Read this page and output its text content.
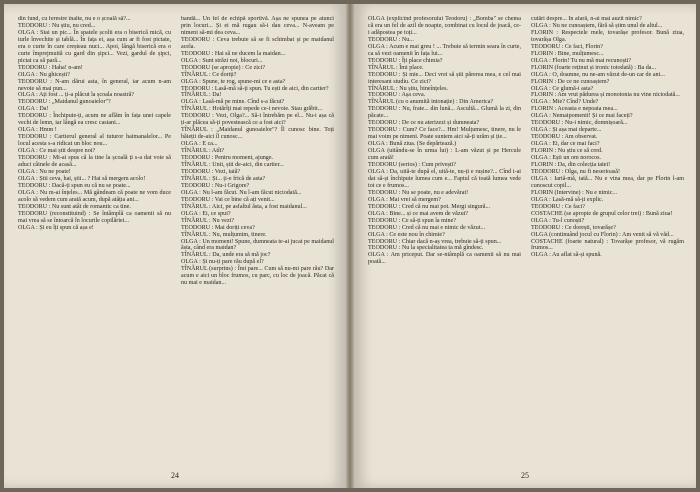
din fund, cu ferestre înalte, nu e o școală să?...

TEODORU : Nu știu, nu cred...

OLGA : Stai un pic... În spatele școlii era o biserică mică, cu turle învechite și tablă... În fața ei, așa cum ar fi fost pictate, era o curte în care creșteau nuci... Apoi, lângă biserică era o curte împrejmuită cu gard din șipci... Vezi, gardul de șipci, pictat ca să pară...

TEODORU : Haha! n-am!

OLGA : Nu ghicești?

TEODORU : N-am dărui asta, în general, iar acum n-am nevoie să mai pun...

OLGA : Ați fost ... ți-a plăcut la școala noastră?

TEODORU : „Maidanul gunoaielor"?

OLGA : Da!

TEODORU : Închipuie-ți, acum ne aflăm în fața unei capele vechi de lemn, iar lângă ea cresc castani...

OLGA : Hmm !

TEODORU : Cartierul general al tuturor haimanalelor... Pe locul acesta s-a ridicat un bloc nou...

OLGA : Ce mai știi despre noi?

TEODORU : Mi-ai spus că la tine la școală ți s-a dat voie să aduci câinele de acasă...

OLGA : Nu ne poate!

OLGA : Știi ceva, hai, știi... ? Hai să mergem acolo!

TEODORU : Dacă-ți spun eu că nu se poate...

OLGA : Nu m-ai înțeles... Mă gândeam că poate ne vom duce acolo să vedem cum arată acum, după atâția ani...

TEODORU : Nu sunt atât de romantic ca tine.

TEODORU (reconstituind) : Se întâmplă ca oamenii să nu mai vrea să se întoarcă în locurile copilăriei...

OLGA : Și eu îți spun că așa e!

bandă... Un fel de echipă sportivă. Așa ne spunea pe atunci prin locuri... Și ei mă rugau să-i dau ceva... N-aveam pe nimeni să-mi dea ceva...

TEODORU : Ceva trebuie să se fi schimbat și pe maidanul acela.

TEODORU : Hai să ne ducem la maidan...

OLGA : Sunt străzi noi, blocuri...

TEODORU (se apropie) : Ce zici?

TÎNĂRUL : Ce doriți?

OLGA : Spune, te rog, spune-mi ce e asta?

TEODORU : Lasă-mă să-ți spun. Tu ești de aici, din cartier?

TÎNĂRUL : Da!

OLGA : Lasă-mă pe mine. Cînd s-a făcut?

TÎNĂRUL : Hotărîți mai repede ce-i nevoie. Stau grăbit...

TEODORU : Vezi, Olga?... Să-i întrebăm pe el... Nu-i așa că ți-ar plăcea să-ți povestească ce a fost aici?

TÎNĂRUL : „Maidanul gunoaielor"? Îl cunosc bine. Toți băieții de-aici îl cunosc...

OLGA : E ca...

TÎNĂRUL : Atît?

TEODORU : Pentru moment, ajunge.

TÎNĂRUL : Unii, știi de-aici, din cartier...

TEODORU : Vezi, tată?

TÎNĂRUL : Și... ți-e frică de asta?

TEODORU : Nu-i Grigore?

OLGA : Nu l-am făcut. Nu l-am făcut niciodată...

TEODORU : Vai ce bine că ați venit...

TÎNĂRUL : Aici, pe asfaltul ăsta, a fost maidanul...

OLGA : Ei, ce spui?

TÎNĂRUL : Nu vezi?

TEODORU : Mai doriți ceva?

TÎNĂRUL : Nu, mulțumim, tinere.

OLGA : Un moment! Spune, dumneata te-ai jucat pe maidanul ăsta, când era maidan?

TÎNĂRUL : Da, unde era să mă joc?

OLGA : Și nu-ți pare rău după el?

TÎNĂRUL (surprins) : Îmi pare... Cum să nu-mi pare rău? Dar acum e aici un bloc frumos, cu parc, cu loc de joacă. Păcat că nu mai e maidan...

24

OLGA (explicînd profesorului Teodoru) : „Bomba" se chema că era un fel de azil de noapte, combinat cu locul de joacă, ce-i adăpostea pe toți...

TEODORU : Nu...

OLGA : Acum e mai greu ! ... Trebuie să termin seara în curte, ca să vezi oamenii în fața lui...

TEODORU : Îți place chimia?

TÎNĂRUL : Îmi place.

TEODORU : Și mie... Deci vrei să știi părerea mea, e cel mai interesant studiu. Ce zici?

TÎNĂRUL : Nu știu, bineînțeles.

TEODORU : Așa ceva.

TÎNĂRUL (cu o anumită intonație) : Din America?

TEODORU : Nu, frate... din lună... Ascultă... Glumă la zi, din păcate...

TEODORU : De ce nu aterizezi și dumneata?

TEODORU : Cum? Ce face?... Hm! Mulțumesc, tinere, nu le mai voim pe nimeni. Poate suntem aici să-ți urăm și ție...

OLGA : Bună ziua. (Se depărtează.)

OLGA (uitându-se în urma lui) : L-am văzut și pe Hercule cum arată!

TEODORU (serios) : Cum privești?

OLGA : Da, uită-te după el, uită-te, nu-ți e rușine?... Cînd i-ai dat să-și închipuie lumea cum e... Faptul că toată lumea vede tot ce e frumos...

TEODORU : Nu se poate, nu e adevărat!

OLGA : Mai vrei să mergem?

TEODORU : Cred că nu mai pot. Mergi singură...

OLGA : Bine... și ce mai avem de văzut?

TEODORU : Ce să-ți spun la mine?

TEODORU : Cred că nu mai e nimic de văzut...

OLGA : Ce este nou în chimie?

TEODORU : Chiar dacă n-aș vrea, trebuie să-ți spun...

TEODORU : Nu la specialitatea ta mă gîndesc.

OLGA : Am priceput. Dar se-ntâmplă ca oamenii să nu mai poată...

cutări despre... În afară, n-ai mai auzit nimic?

OLGA : Nu ne cunoaștem, fără să știm unul de altul...

FLORIN : Respectele mele, tovarășe profesor. Bună ziua, tovarășa Olga.

TEODORU : Ce faci, Florin?

FLORIN : Bine, mulțumesc...

OLGA : Florin! Tu nu mă mai recunoști?

FLORIN (foarte reținut și ironic totodată) : Ba da...

OLGA : O, doamne, nu ne-am văzut de-un car de ani...

FLORIN : De ce ne cunoaștem?

OLGA : Ce glumă-i asta?

FLORIN : Am vrut pădurea și monotonia nu vine niciodată...

OLGA : Mie? Cînd? Unde?

FLORIN : Aceasta e nepoata mea...

OLGA : Nemaipomenit! Și ce mai faceți?

TEODORU : Nu-i nimic, domnișoară...

OLGA : Și așa mai departe...

TEODORU : Am observat.

OLGA : Ei, dar ce mai faci?

FLORIN : Nu știu ce să cred.

OLGA : Ești un om norocos.

FLORIN : Da, din colecția tatei!

TEODORU : Olga, nu fi neserioasă!

OLGA : Iartă-mă, tată... Nu e vina mea, dar pe Florin l-am cunoscut copil...

FLORIN (Intervine) : Nu e nimic...

OLGA : Lasă-mă să-ți explic.

TEODORU : Ce faci?

COSTACHE (se apropie de grupul celor trei) : Bună ziua!

OLGA : Tu-l cunoști?

TEODORU : Ce dorești, tovarășe?

OLGA (continuând jocul cu Florin) : Am venit să vă văd...

COSTACHE (foarte natural) : Tovarășe profesor, vă rugăm frumos...

OLGA : Au aflat să-și spună.

25
